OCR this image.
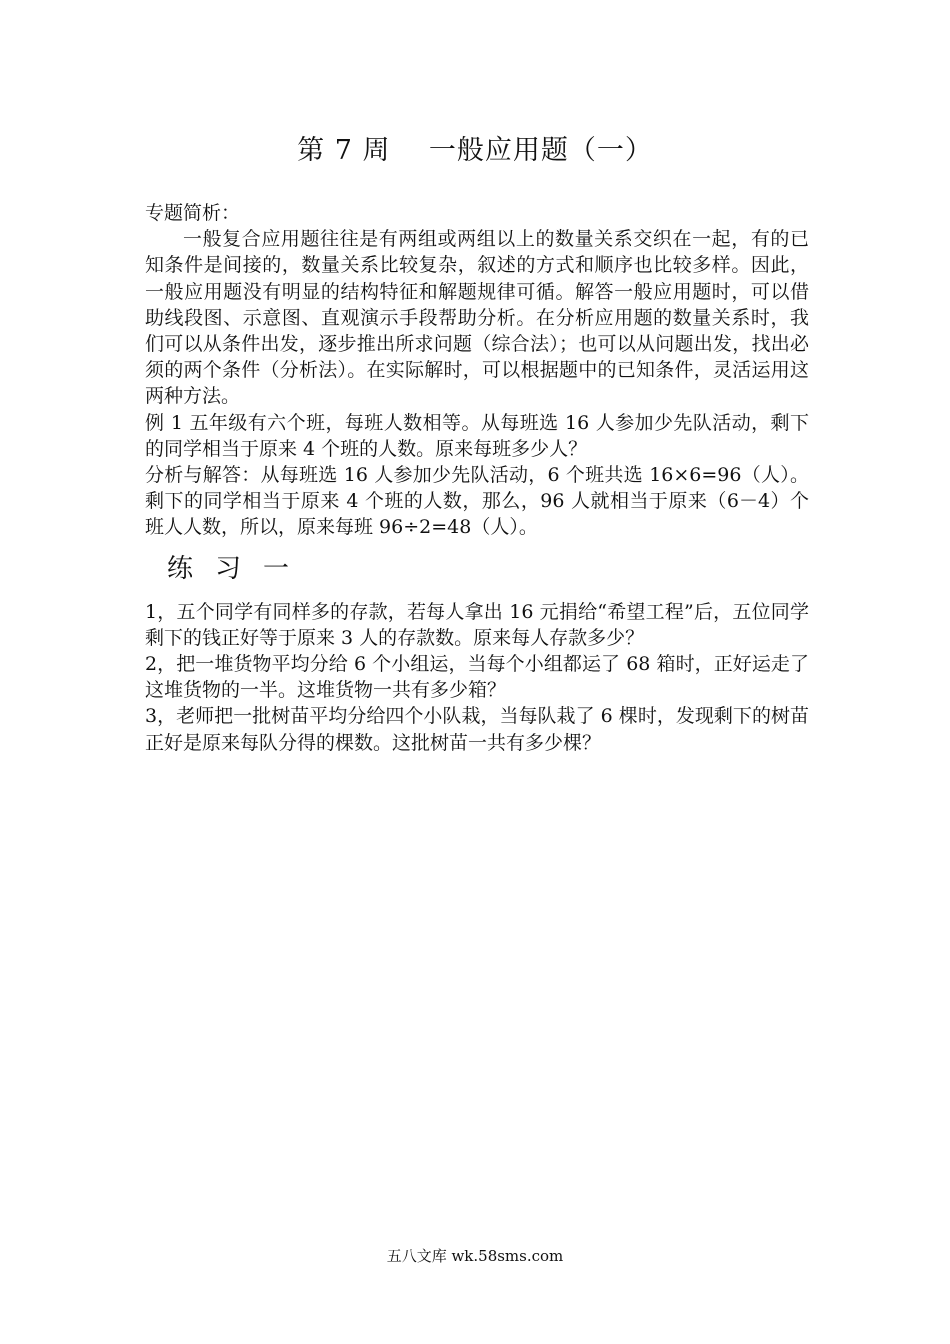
第 7 周    一般应用题（一）

专题简析：

一般复合应用题往往是有两组或两组以上的数量关系交织在一起，有的已知条件是间接的，数量关系比较复杂，叙述的方式和顺序也比较多样。因此，一般应用题没有明显的结构特征和解题规律可循。解答一般应用题时，可以借助线段图、示意图、直观演示手段帮助分析。在分析应用题的数量关系时，我们可以从条件出发，逐步推出所求问题（综合法）；也可以从问题出发，找出必须的两个条件（分析法）。在实际解时，可以根据题中的已知条件，灵活运用这两种方法。

例 1 五年级有六个班，每班人数相等。从每班选 16 人参加少先队活动，剩下的同学相当于原来 4 个班的人数。原来每班多少人？

分析与解答：从每班选 16 人参加少先队活动，6 个班共选 16×6=96（人）。剩下的同学相当于原来 4 个班的人数，那么，96 人就相当于原来（6－4）个班人人数，所以，原来每班 96÷2=48（人）。

练习一

1，五个同学有同样多的存款，若每人拿出 16 元捐给“希望工程”后，五位同学剩下的钱正好等于原来 3 人的存款数。原来每人存款多少？

2，把一堆货物平均分给 6 个小组运，当每个小组都运了 68 箱时，正好运走了这堆货物的一半。这堆货物一共有多少箱？

3，老师把一批树苗平均分给四个小队栽，当每队栽了 6 棵时，发现剩下的树苗正好是原来每队分得的棵数。这批树苗一共有多少棵？

五八文库 wk.58sms.com
